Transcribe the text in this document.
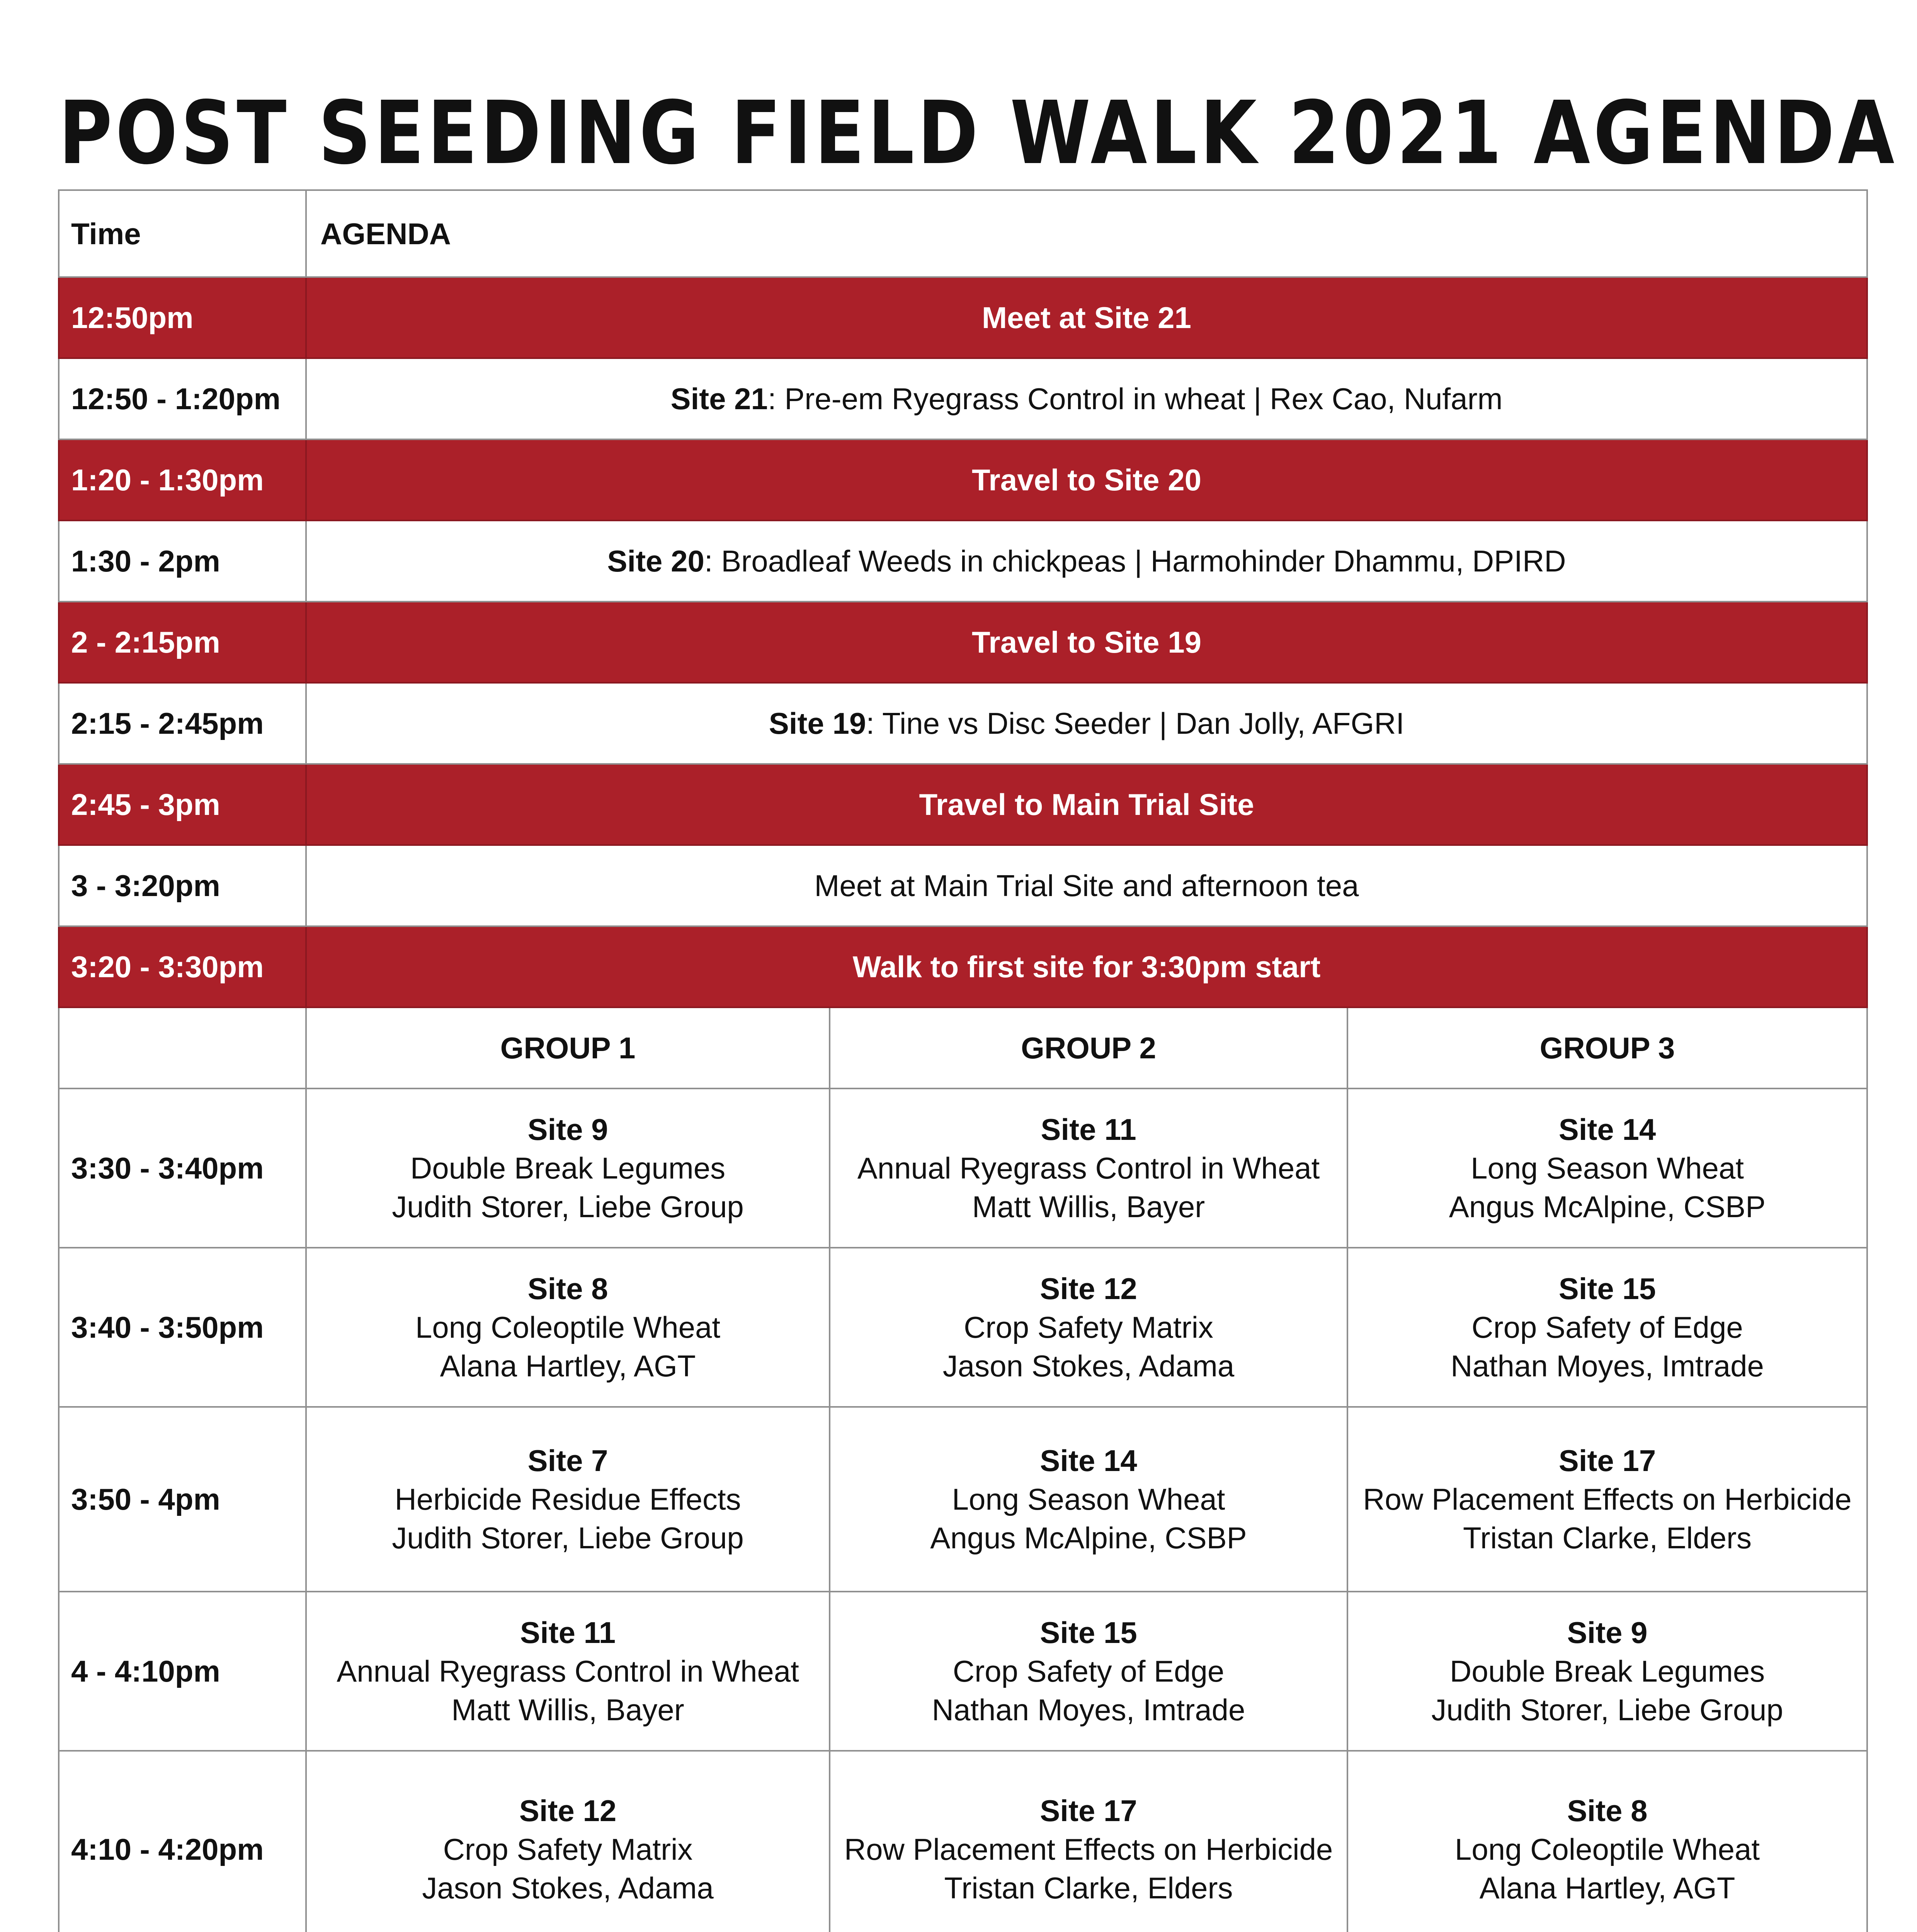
POST SEEDING FIELD WALK 2021 AGENDA
Time	AGENDA		
12:50pm	Meet at Site 21		
12:50 - 1:20pm	Site 21: Pre-em Ryegrass Control in wheat | Rex Cao, Nufarm		
1:20 - 1:30pm	Travel to Site 20		
1:30 - 2pm	Site 20: Broadleaf Weeds in chickpeas | Harmohinder Dhammu, DPIRD		
2 - 2:15pm	Travel to Site 19		
2:15 - 2:45pm	Site 19: Tine vs Disc Seeder | Dan Jolly, AFGRI		
2:45 - 3pm	Travel to Main Trial Site		
3 - 3:20pm	Meet at Main Trial Site and afternoon tea		
3:20 - 3:30pm	Walk to first site for 3:30pm start		
	GROUP 1	GROUP 2	GROUP 3
3:30 - 3:40pm	Site 9
Double Break Legumes
Judith Storer, Liebe Group	Site 11
Annual Ryegrass Control in Wheat
Matt Willis, Bayer	Site 14
Long Season Wheat
Angus McAlpine, CSBP

3:40 - 3:50pm	Site 8
Long Coleoptile Wheat
Alana Hartley, AGT	Site 12
Crop Safety Matrix
Jason Stokes, Adama	Site 15
Crop Safety of Edge
Nathan Moyes, Imtrade

3:50 - 4pm	Site 7
Herbicide Residue Effects
Judith Storer, Liebe Group	Site 14
Long Season Wheat
Angus McAlpine, CSBP	Site 17
Row Placement Effects on Herbicide
Tristan Clarke, Elders

4 - 4:10pm	Site 11
Annual Ryegrass Control in Wheat
Matt Willis, Bayer	Site 15
Crop Safety of Edge
Nathan Moyes, Imtrade	Site 9
Double Break Legumes
Judith Storer, Liebe Group

4:10 - 4:20pm	Site 12
Crop Safety Matrix
Jason Stokes, Adama	Site 17
Row Placement Effects on Herbicide
Tristan Clarke, Elders	Site 8
Long Coleoptile Wheat
Alana Hartley, AGT
